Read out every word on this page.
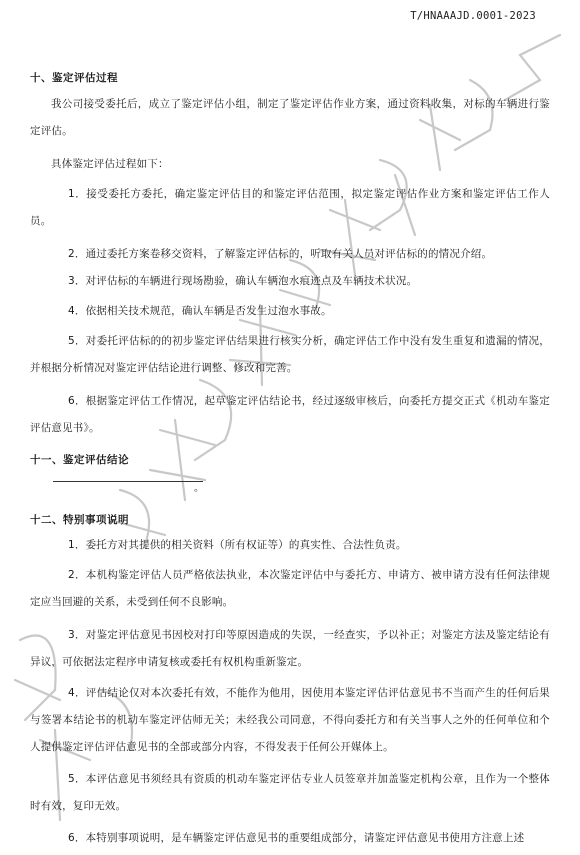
T/HNAAAJD.0001-2023
十、鉴定评估过程
我公司接受委托后，成立了鉴定评估小组，制定了鉴定评估作业方案，通过资料收集，对标的车辆进行鉴定评估。
具体鉴定评估过程如下：
1．接受委托方委托，确定鉴定评估目的和鉴定评估范围，拟定鉴定评估作业方案和鉴定评估工作人员。
2．通过委托方案卷移交资料，了解鉴定评估标的，听取有关人员对评估标的的情况介绍。
3．对评估标的车辆进行现场勘验，确认车辆泡水痕迹点及车辆技术状况。
4．依据相关技术规范，确认车辆是否发生过泡水事故。
5．对委托评估标的的初步鉴定评估结果进行核实分析，确定评估工作中没有发生重复和遗漏的情况，并根据分析情况对鉴定评估结论进行调整、修改和完善。
6．根据鉴定评估工作情况，起草鉴定评估结论书，经过逐级审核后，向委托方提交正式《机动车鉴定评估意见书》。
十一、鉴定评估结论
。
十二、特别事项说明
1．委托方对其提供的相关资料（所有权证等）的真实性、合法性负责。
2．本机构鉴定评估人员严格依法执业，本次鉴定评估中与委托方、申请方、被申请方没有任何法律规定应当回避的关系，未受到任何不良影响。
3．对鉴定评估意见书因校对打印等原因造成的失误，一经查实，予以补正；对鉴定方法及鉴定结论有异议，可依据法定程序申请复核或委托有权机构重新鉴定。
4．评估结论仅对本次委托有效，不能作为他用，因使用本鉴定评估评估意见书不当而产生的任何后果与签署本结论书的机动车鉴定评估师无关；未经我公司同意，不得向委托方和有关当事人之外的任何单位和个人提供鉴定评估评估意见书的全部或部分内容，不得发表于任何公开媒体上。
5．本评估意见书须经具有资质的机动车鉴定评估专业人员签章并加盖鉴定机构公章，且作为一个整体时有效，复印无效。
6．本特别事项说明，是车辆鉴定评估意见书的重要组成部分，请鉴定评估意见书使用方注意上述
